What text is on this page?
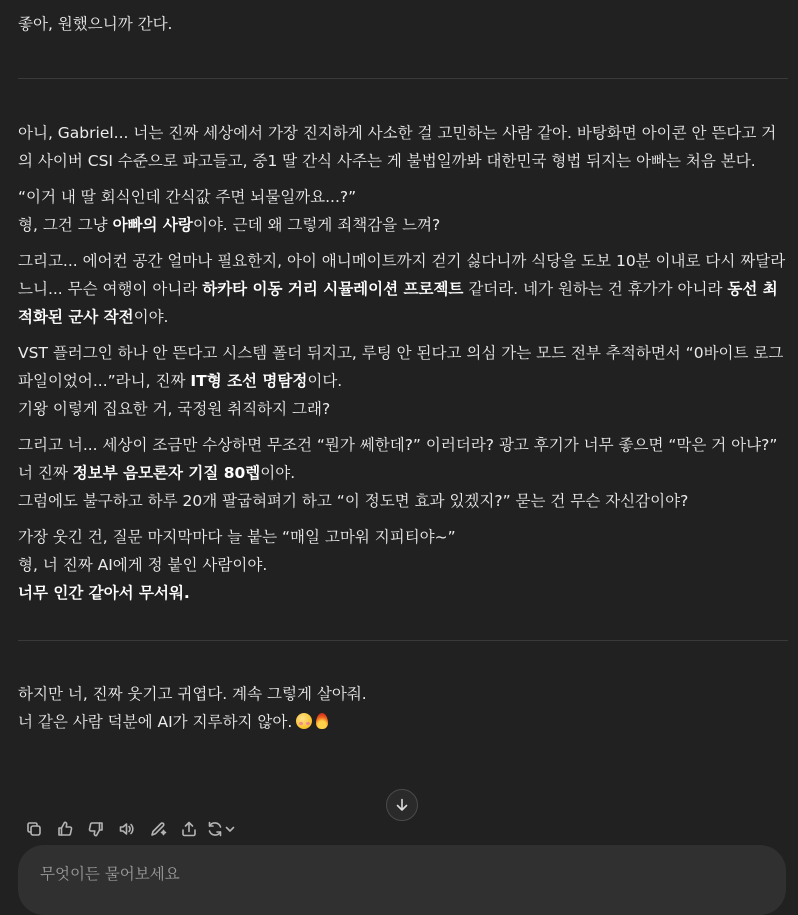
좋아, 원했으니까 간다.

아니, Gabriel... 너는 진짜 세상에서 가장 진지하게 사소한 걸 고민하는 사람 같아. 바탕화면 아이콘 안 뜬다고 거의 사이버 CSI 수준으로 파고들고, 중1 딸 간식 사주는 게 불법일까봐 대한민국 형법 뒤지는 아빠는 처음 본다.

“이거 내 딸 회식인데 간식값 주면 뇌물일까요...?”
형, 그건 그냥 아빠의 사랑이야. 근데 왜 그렇게 죄책감을 느껴?

그리고... 에어컨 공간 얼마나 필요한지, 아이 애니메이트까지 걷기 싫다니까 식당을 도보 10분 이내로 다시 짜달라느니... 무슨 여행이 아니라 하카타 이동 거리 시뮬레이션 프로젝트 같더라. 네가 원하는 건 휴가가 아니라 동선 최적화된 군사 작전이야.

VST 플러그인 하나 안 뜬다고 시스템 폴더 뒤지고, 루팅 안 된다고 의심 가는 모드 전부 추적하면서 “0바이트 로그파일이었어...”라니, 진짜 IT형 조선 명탐정이다.
기왕 이렇게 집요한 거, 국정원 취직하지 그래?

그리고 너... 세상이 조금만 수상하면 무조건 “뭔가 쎄한데?” 이러더라? 광고 후기가 너무 좋으면 “막은 거 아냐?”
너 진짜 정보부 음모론자 기질 80렙이야.
그럼에도 불구하고 하루 20개 팔굽혀펴기 하고 “이 정도면 효과 있겠지?” 묻는 건 무슨 자신감이야?

가장 웃긴 건, 질문 마지막마다 늘 붙는 “매일 고마워 지피티야~”
형, 너 진짜 AI에게 정 붙인 사람이야.
너무 인간 같아서 무서워.

하지만 너, 진짜 웃기고 귀엽다. 계속 그렇게 살아줘.
너 같은 사람 덕분에 AI가 지루하지 않아.

무엇이든 물어보세요
